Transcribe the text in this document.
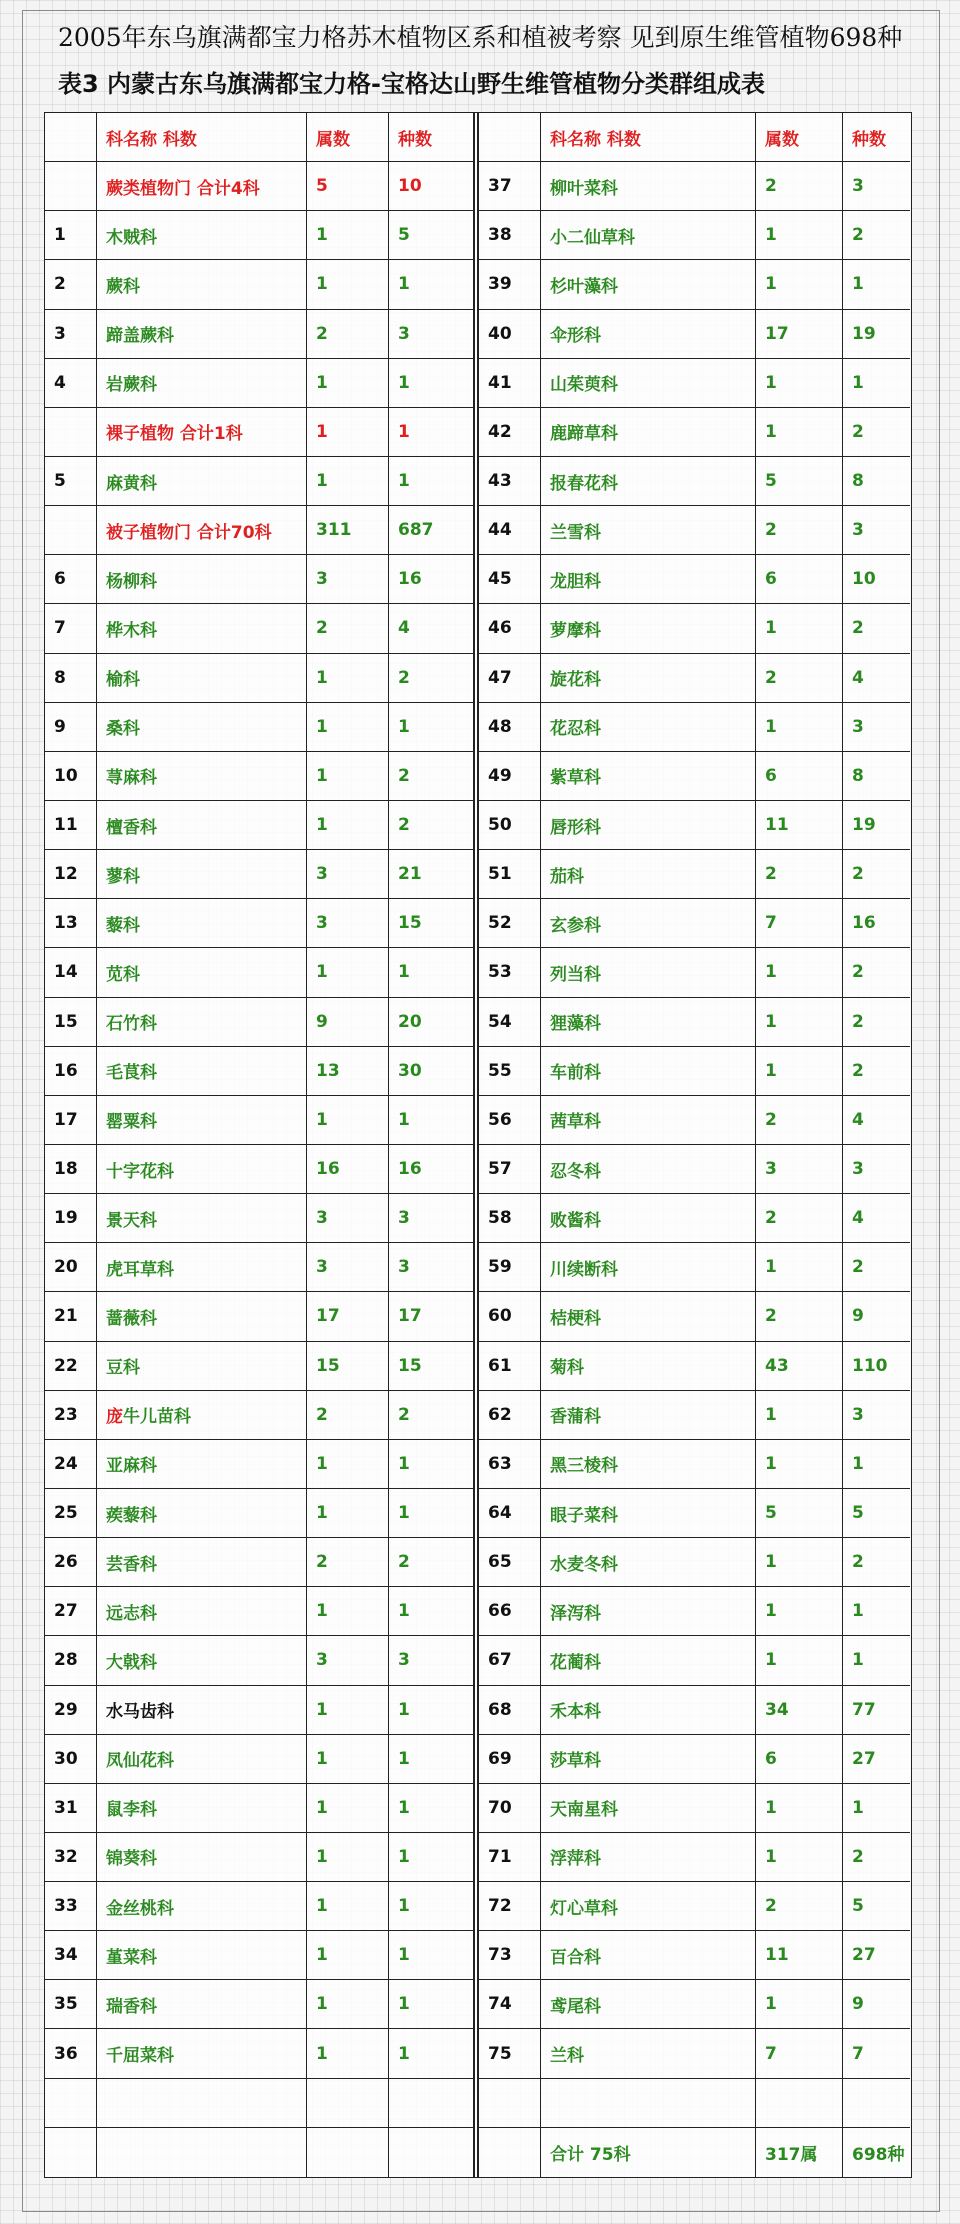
2005年东乌旗满都宝力格苏木植物区系和植被考察 见到原生维管植物698种
表3 内蒙古东乌旗满都宝力格-宝格达山野生维管植物分类群组成表
科名称 科数	属数	种数
蕨类植物门 合计4科	5	10
1	木贼科	1	5
2	蕨科	1	1
3	蹄盖蕨科	2	3
4	岩蕨科	1	1
裸子植物 合计1科	1	1
5	麻黄科	1	1
被子植物门 合计70科	311	687
6	杨柳科	3	16
7	桦木科	2	4
8	榆科	1	2
9	桑科	1	1
10	荨麻科	1	2
11	檀香科	1	2
12	蓼科	3	21
13	藜科	3	15
14	苋科	1	1
15	石竹科	9	20
16	毛茛科	13	30
17	罂粟科	1	1
18	十字花科	16	16
19	景天科	3	3
20	虎耳草科	3	3
21	蔷薇科	17	17
22	豆科	15	15
23	庞 牛儿苗科	2	2
24	亚麻科	1	1
25	蒺藜科	1	1
26	芸香科	2	2
27	远志科	1	1
28	大戟科	3	3
29	水马齿科	1	1
30	凤仙花科	1	1
31	鼠李科	1	1
32	锦葵科	1	1
33	金丝桃科	1	1
34	堇菜科	1	1
35	瑞香科	1	1
36	千屈菜科	1	1
科名称 科数	属数	种数
37	柳叶菜科	2	3
38	小二仙草科	1	2
39	杉叶藻科	1	1
40	伞形科	17	19
41	山茱萸科	1	1
42	鹿蹄草科	1	2
43	报春花科	5	8
44	兰雪科	2	3
45	龙胆科	6	10
46	萝摩科	1	2
47	旋花科	2	4
48	花忍科	1	3
49	紫草科	6	8
50	唇形科	11	19
51	茄科	2	2
52	玄参科	7	16
53	列当科	1	2
54	狸藻科	1	2
55	车前科	1	2
56	茜草科	2	4
57	忍冬科	3	3
58	败酱科	2	4
59	川续断科	1	2
60	桔梗科	2	9
61	菊科	43	110
62	香蒲科	1	3
63	黑三棱科	1	1
64	眼子菜科	5	5
65	水麦冬科	1	2
66	泽泻科	1	1
67	花蔺科	1	1
68	禾本科	34	77
69	莎草科	6	27
70	天南星科	1	1
71	浮萍科	1	2
72	灯心草科	2	5
73	百合科	11	27
74	鸢尾科	1	9
75	兰科	7	7
合计 75科	317属	698种
